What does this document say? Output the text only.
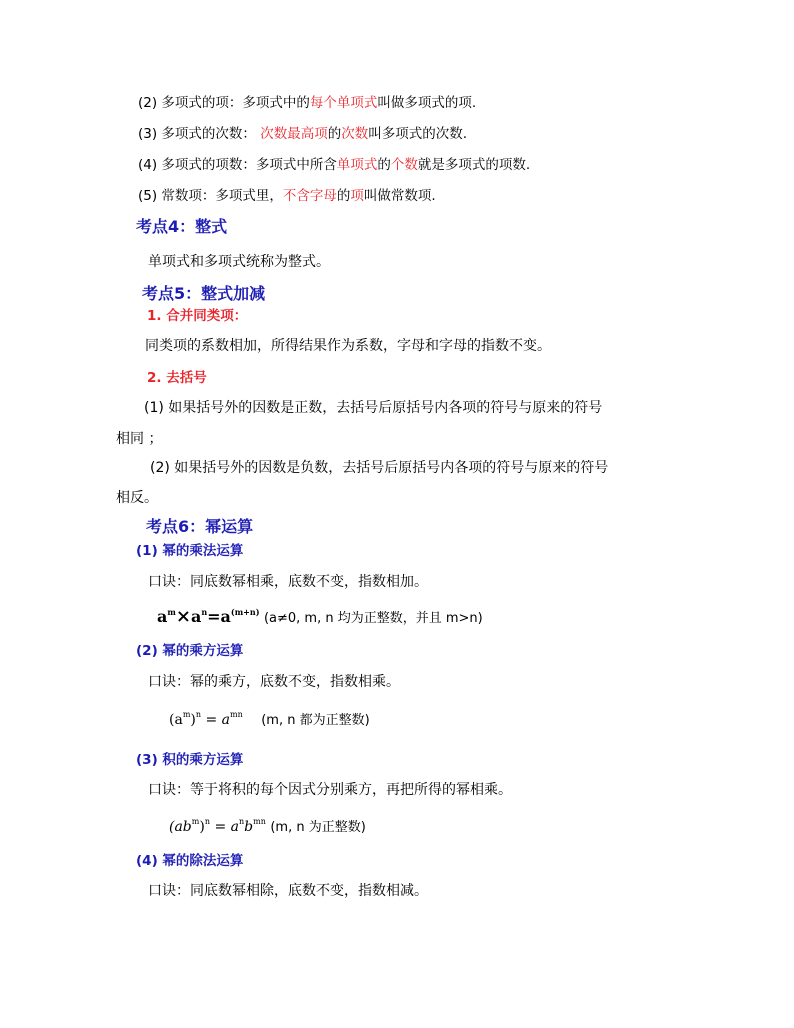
(2) 多项式的项：多项式中的每个单项式叫做多项式的项.
(3) 多项式的次数： 次数最高项的次数叫多项式的次数.
(4) 多项式的项数：多项式中所含单项式的个数就是多项式的项数.
(5) 常数项：多项式里，不含字母的项叫做常数项.
考点4：整式
单项式和多项式统称为整式。
考点5：整式加减
1. 合并同类项：
同类项的系数相加，所得结果作为系数，字母和字母的指数不变。
2. 去括号
(1) 如果括号外的因数是正数，去括号后原括号内各项的符号与原来的符号
相同 ；
(2) 如果括号外的因数是负数，去括号后原括号内各项的符号与原来的符号
相反。
考点6：幂运算
(1) 幂的乘法运算
口诀：同底数幂相乘，底数不变，指数相加。
$a^m\times a^n=a^{(m+n)}$ (a≠0, m, n 均为正整数，并且 m>n)
(2) 幂的乘方运算
口诀：幂的乘方，底数不变，指数相乘。
$(a^m)^n = a^{mn}$ (m, n 都为正整数)
(3) 积的乘方运算
口诀：等于将积的每个因式分别乘方，再把所得的幂相乘。
$(ab^m)^n = a^nb^{mn}$ (m, n 为正整数)
(4) 幂的除法运算
口诀：同底数幂相除，底数不变，指数相减。
